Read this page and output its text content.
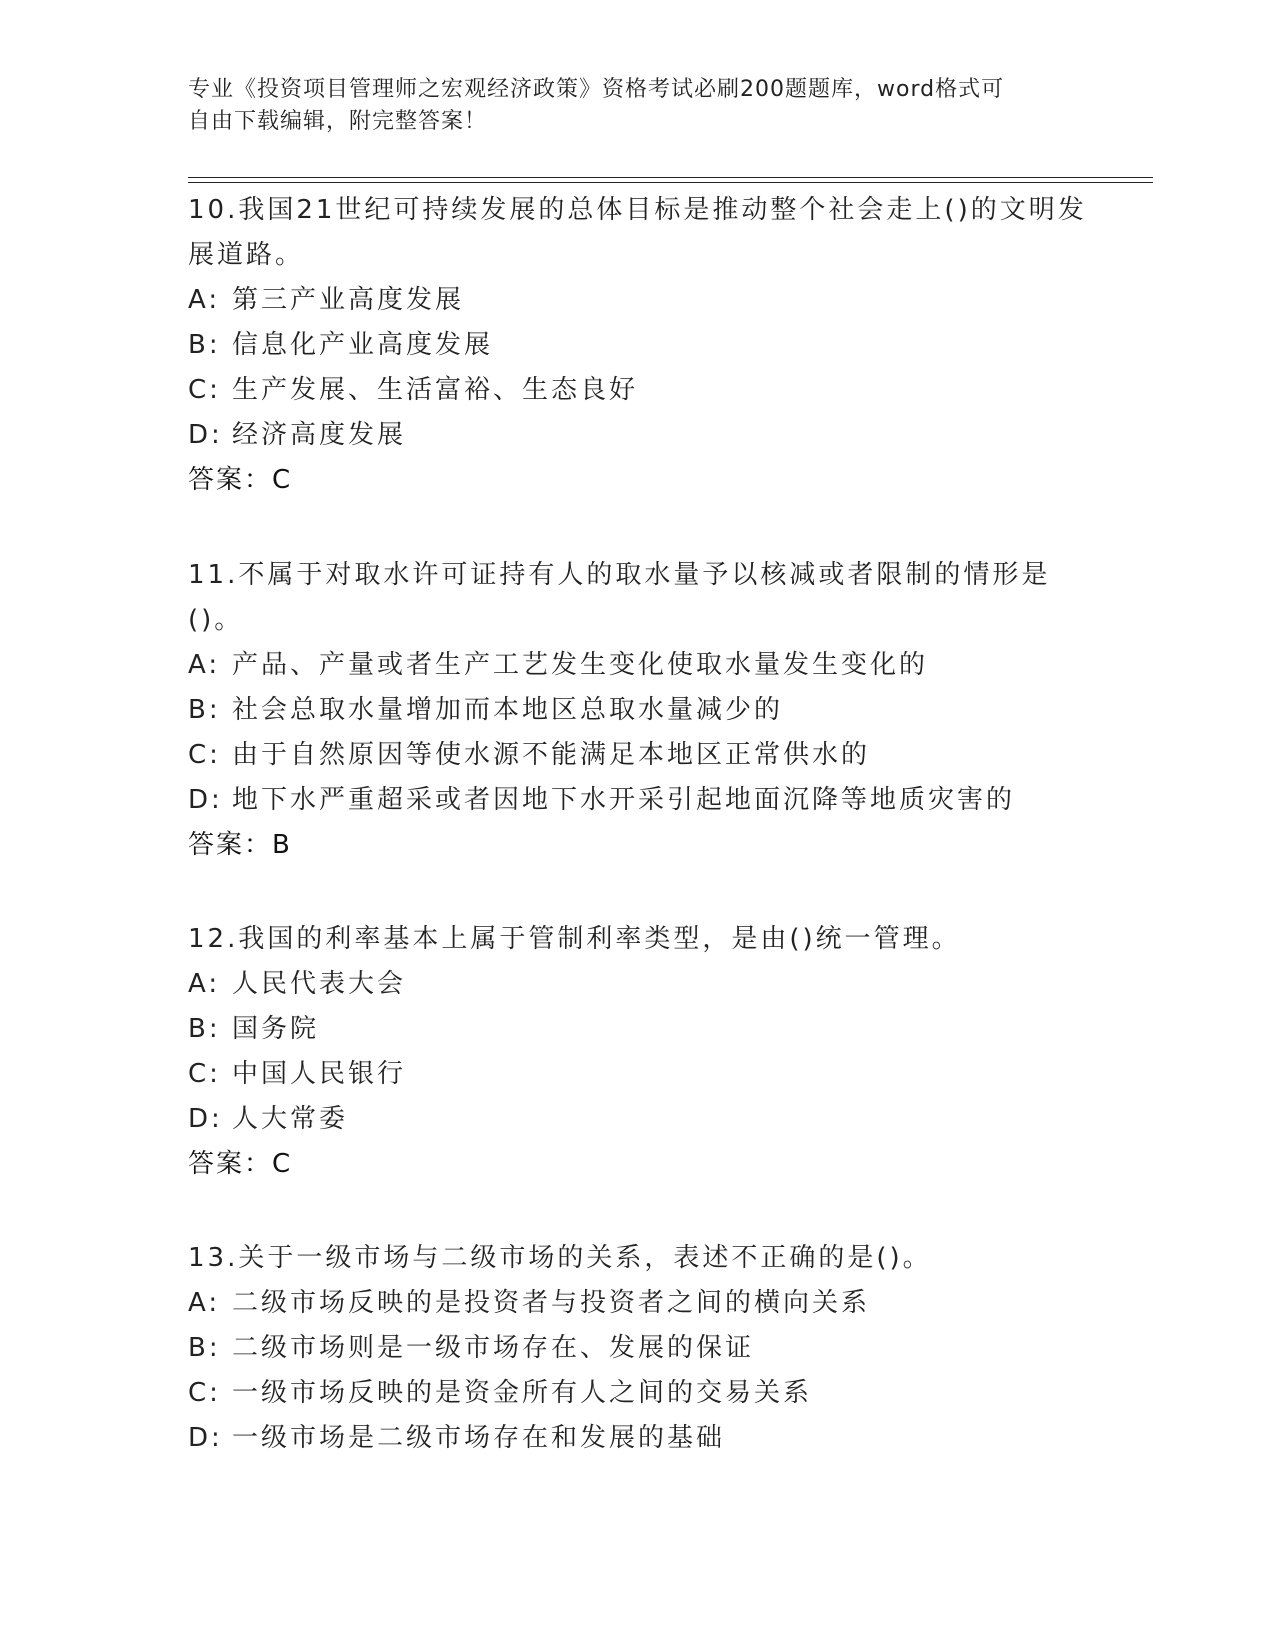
专业《投资项目管理师之宏观经济政策》资格考试必刷200题题库，word格式可
自由下载编辑，附完整答案！
10.我国21世纪可持续发展的总体目标是推动整个社会走上()的文明发展道路。
A: 第三产业高度发展
B: 信息化产业高度发展
C: 生产发展、生活富裕、生态良好
D: 经济高度发展
答案：C
11.不属于对取水许可证持有人的取水量予以核减或者限制的情形是()。
A: 产品、产量或者生产工艺发生变化使取水量发生变化的
B: 社会总取水量增加而本地区总取水量减少的
C: 由于自然原因等使水源不能满足本地区正常供水的
D: 地下水严重超采或者因地下水开采引起地面沉降等地质灾害的
答案：B
12.我国的利率基本上属于管制利率类型，是由()统一管理。
A: 人民代表大会
B: 国务院
C: 中国人民银行
D: 人大常委
答案：C
13.关于一级市场与二级市场的关系，表述不正确的是()。
A: 二级市场反映的是投资者与投资者之间的横向关系
B: 二级市场则是一级市场存在、发展的保证
C: 一级市场反映的是资金所有人之间的交易关系
D: 一级市场是二级市场存在和发展的基础
